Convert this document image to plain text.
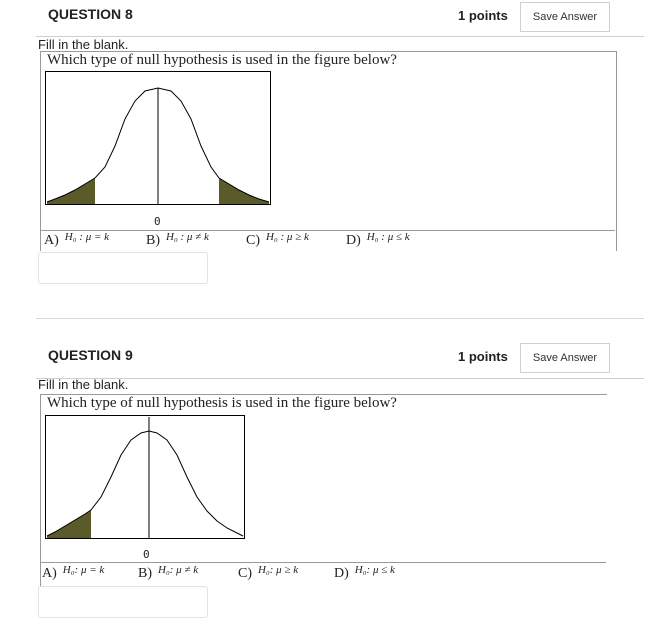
QUESTION 8	1 points	Save Answer
Fill in the blank.
Which type of null hypothesis is used in the figure below?
0
A) $^{H_0 : \mu = k}$	B) $^{H_0 : \mu \ne k}$	C) $^{H_0 : \mu \ge k}$	D) $^{H_0 : \mu \le k}$
QUESTION 9	1 points	Save Answer
Fill in the blank.
Which type of null hypothesis is used in the figure below?
0
A) $^{H_0: \mu = k}$ B) $^{H_0: \mu \ne k}$	C) $^{H_0: \mu \ge k}$	D) $^{H_0: \mu \le k}$
